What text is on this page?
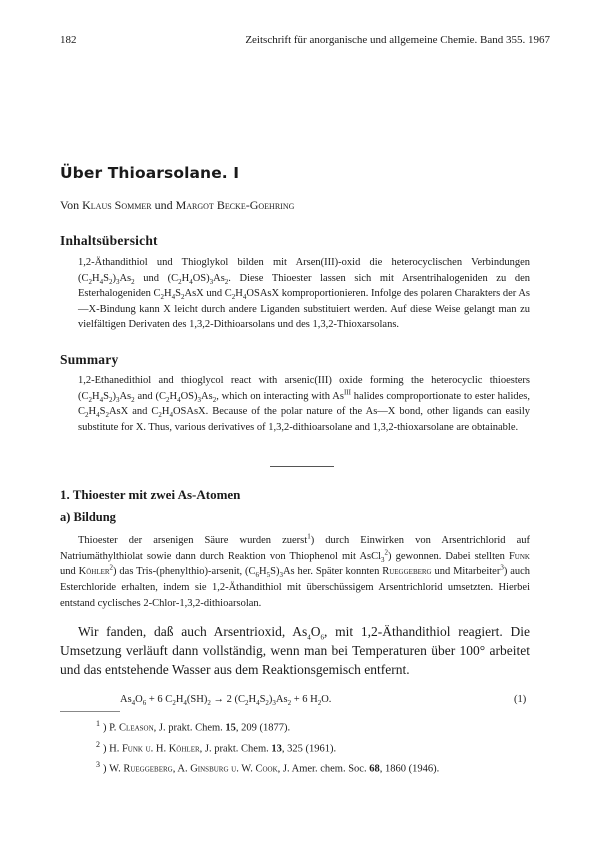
182	Zeitschrift für anorganische und allgemeine Chemie. Band 355. 1967
Über Thioarsolane. I
Von Klaus Sommer und Margot Becke-Goehring
Inhaltsübersicht

1,2-Äthandithiol und Thioglykol bilden mit Arsen(III)-oxid die heterocyclischen Verbindungen $(C_2H_4S_2)_3As_2$ und $(C_2H_4OS)_3As_2$. Diese Thioester lassen sich mit Arsentrihalogeniden zu den Esterhalogeniden $C_2H_4S_2AsX$ und $C_2H_4OSAsX$ komproportionieren. Infolge des polaren Charakters der As—X-Bindung kann X leicht durch andere Liganden substituiert werden. Auf diese Weise gelangt man zu vielfältigen Derivaten des 1,3,2-Dithioarsolans und des 1,3,2-Thioxarsolans.

Summary

1,2-Ethanedithiol and thioglycol react with arsenic(III) oxide forming the heterocyclic thioesters $(C_2H_4S_2)_3As_2$ and $(C_2H_4OS)_3As_2$, which on interacting with $As^{III}$ halides comproportionate to ester halides, $C_2H_4S_2AsX$ and $C_2H_4OSAsX$. Because of the polar nature of the As—X bond, other ligands can easily substitute for X. Thus, various derivatives of 1,3,2-dithioarsolane and 1,3,2-thioxarsolane are obtainable.

1. Thioester mit zwei As-Atomen
a) Bildung

Thioester der arsenigen Säure wurden zuerst$^1$) durch Einwirken von Arsentrichlorid auf Natriumäthylthiolat sowie dann durch Reaktion von Thiophenol mit AsCl$_3^2$) gewonnen. Dabei stellten Funk und Köhler$^2$) das Tris-(phenylthio)-arsenit, $(C_6H_5S)_3As$ her. Später konnten Rueggeberg und Mitarbeiter$^3$) auch Esterchloride erhalten, indem sie 1,2-Äthandithiol mit überschüssigem Arsentrichlorid umsetzten. Hierbei entstand cyclisches 2-Chlor-1,3,2-dithioarsolan.

Wir fanden, daß auch Arsentrioxid, $As_4O_6$, mit 1,2-Äthandithiol reagiert. Die Umsetzung verläuft dann vollständig, wenn man bei Temperaturen über 100° arbeitet und das entstehende Wasser aus dem Reaktionsgemisch entfernt.

$As_4O_6 + 6$ $C_2H_4(SH)_2 \to 2$ $(C_2H_4S_2)_3As_2 + 6$ $H_2O$.	(1)
$^1$ ) P. Cleason, J. prakt. Chem. 15, 209 (1877).
$^2$ ) H. Funk u. H. Köhler, J. prakt. Chem. 13, 325 (1961).
$^3$ ) W. Rueggeberg, A. Ginsburg u. W. Cook, J. Amer. chem. Soc. 68, 1860 (1946).
